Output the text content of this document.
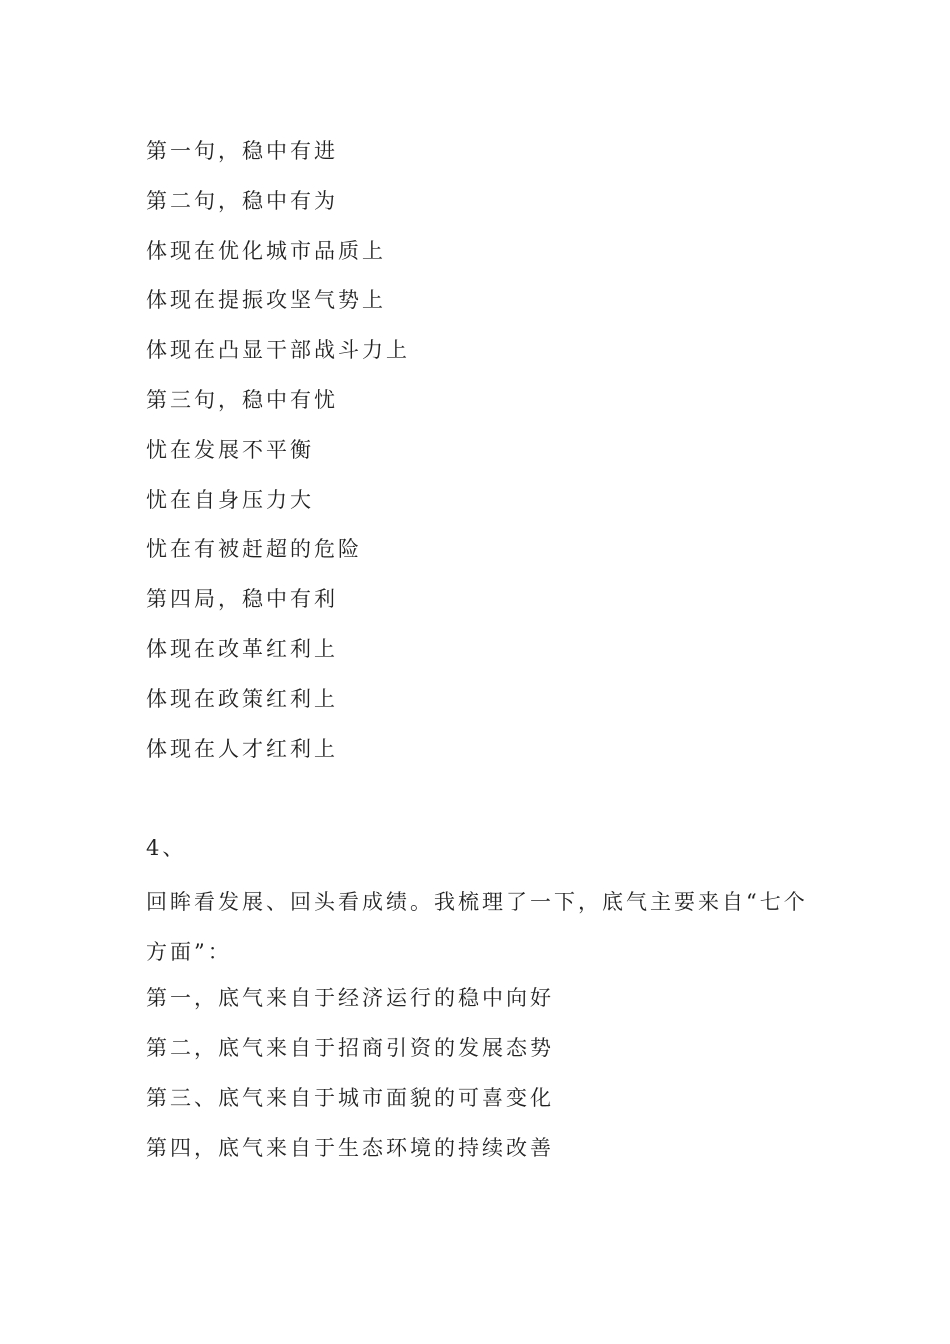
第一句，稳中有进
第二句，稳中有为
体现在优化城市品质上
体现在提振攻坚气势上
体现在凸显干部战斗力上
第三句，稳中有忧
忧在发展不平衡
忧在自身压力大
忧在有被赶超的危险
第四局，稳中有利
体现在改革红利上
体现在政策红利上
体现在人才红利上
4、
回眸看发展、回头看成绩。我梳理了一下，底气主要来自“七个方面”：
第一，底气来自于经济运行的稳中向好
第二，底气来自于招商引资的发展态势
第三、底气来自于城市面貌的可喜变化
第四，底气来自于生态环境的持续改善
